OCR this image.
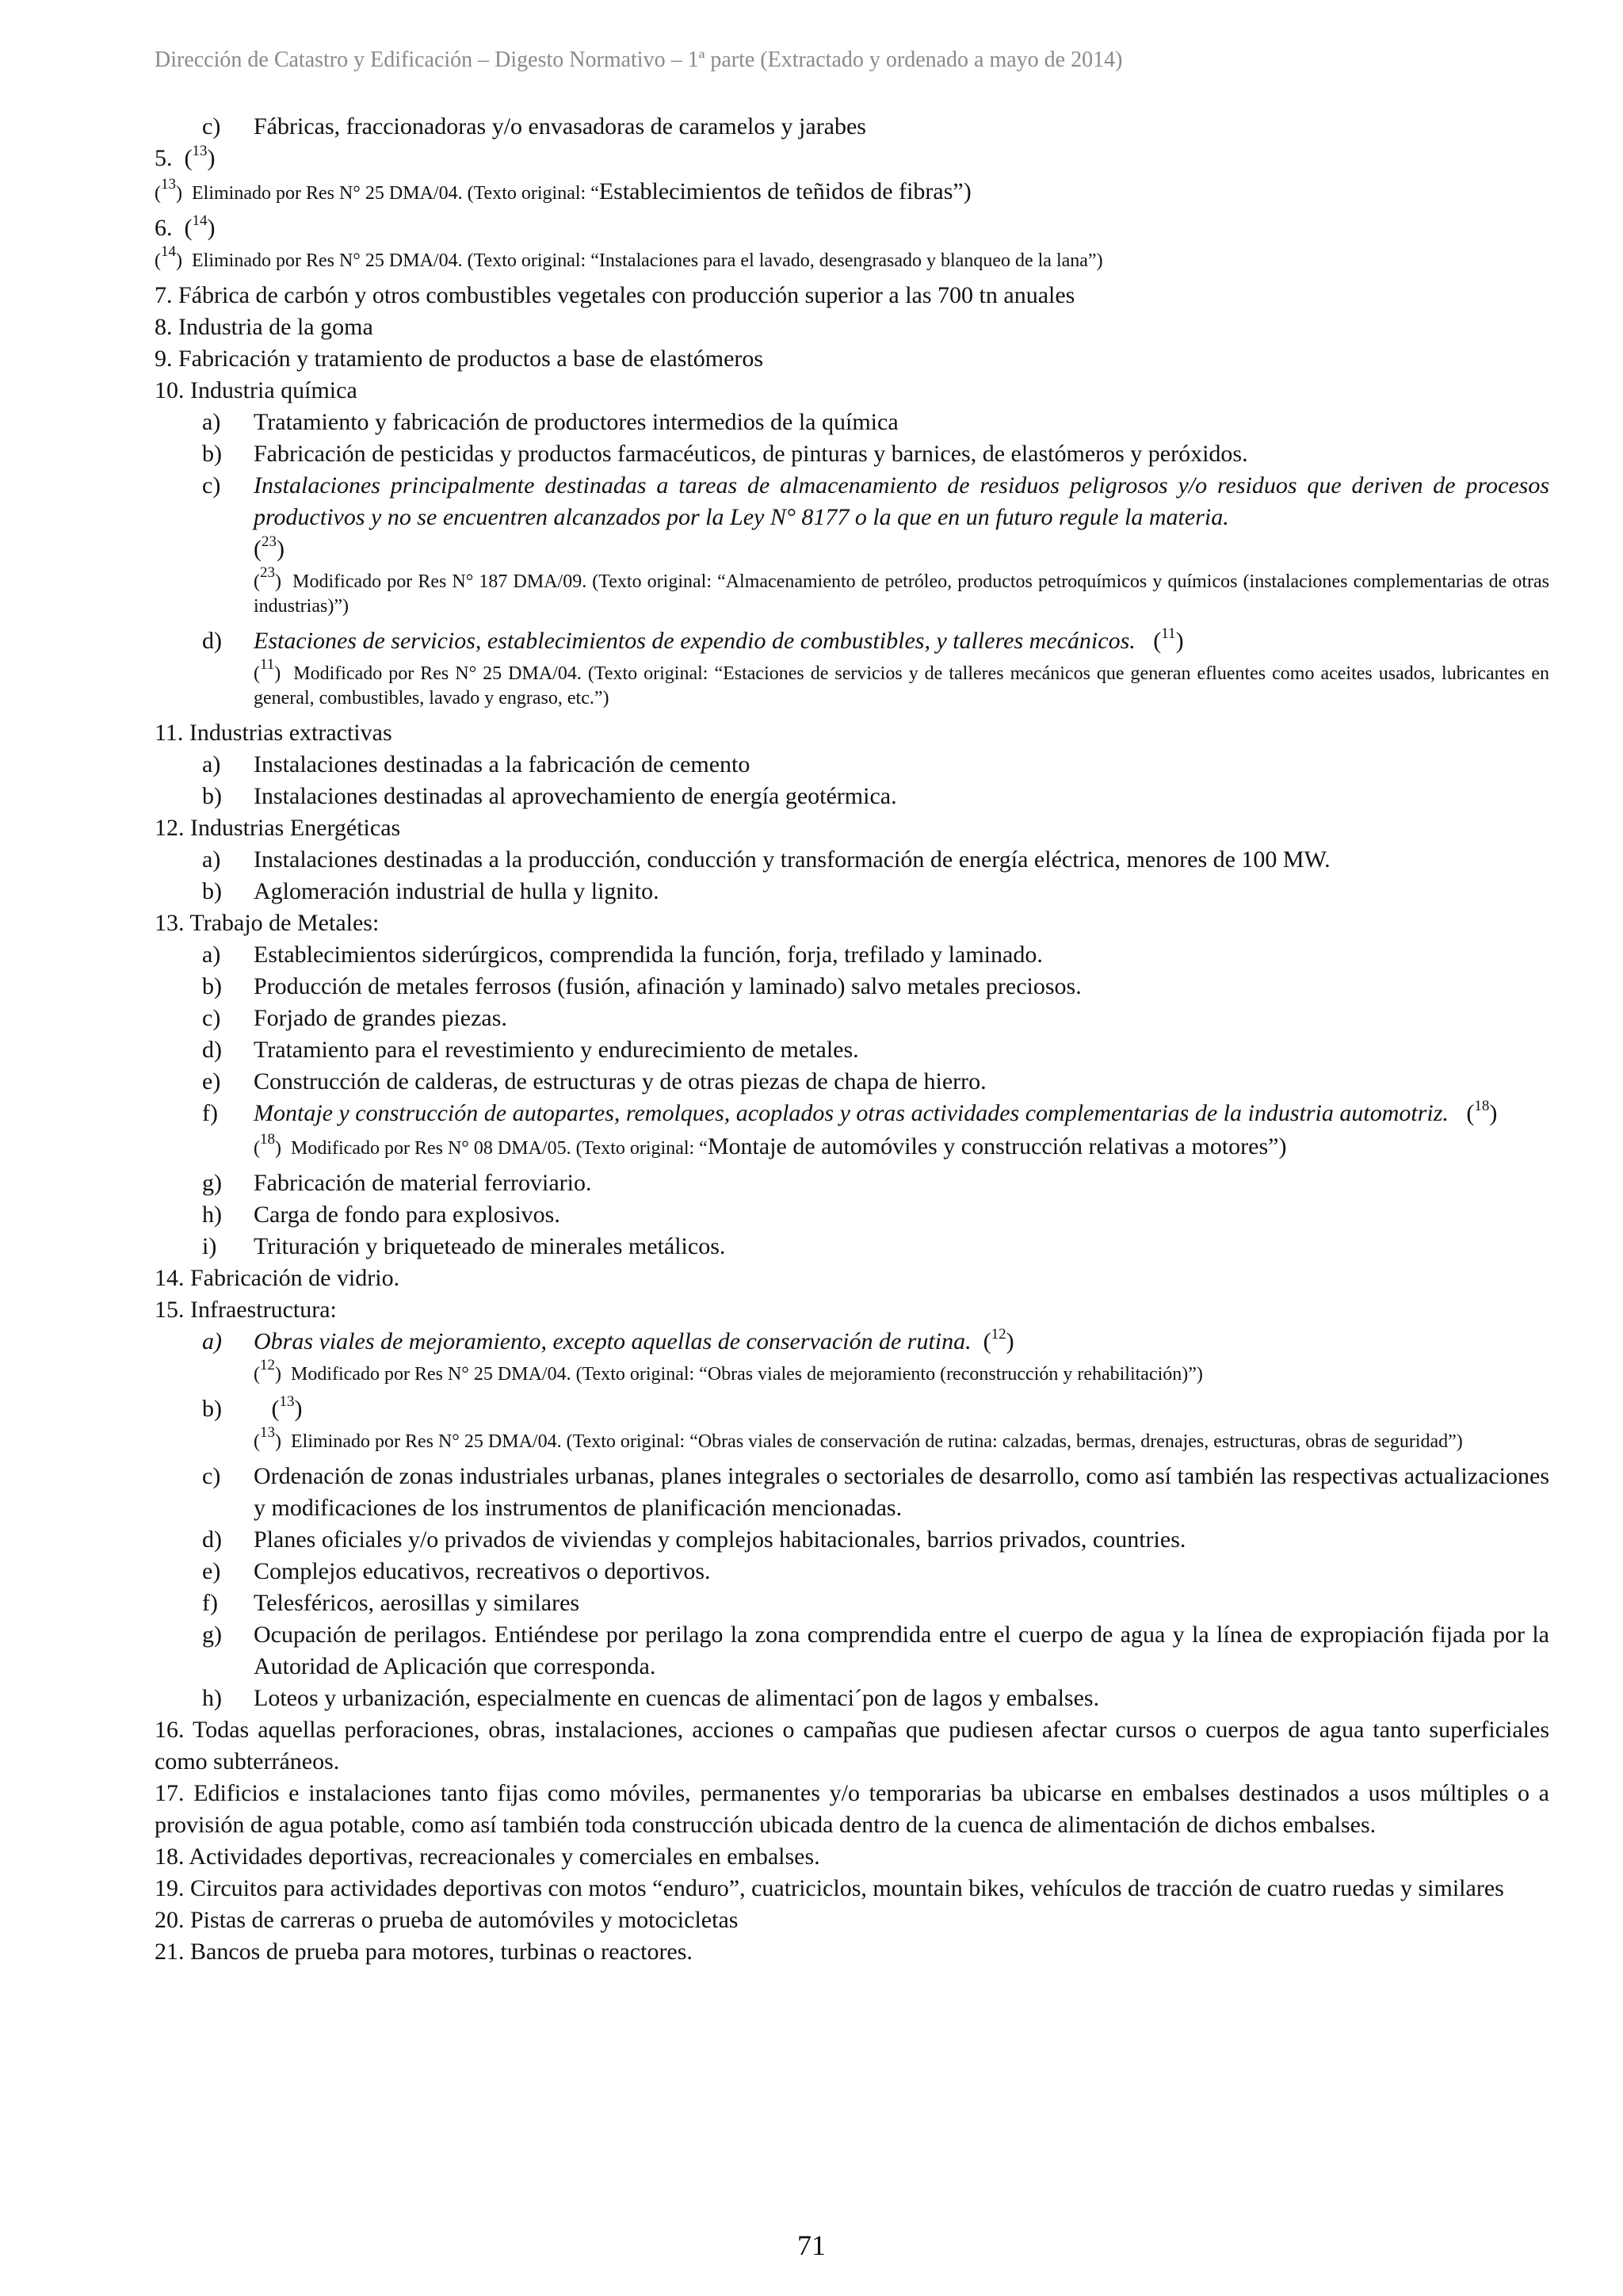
Dirección de Catastro y Edificación – Digesto Normativo – 1ª parte (Extractado y ordenado a mayo de 2014)
c) Fábricas, fraccionadoras y/o envasadoras de caramelos y jarabes
5.  ($^{13}$)
($^{13}$)  Eliminado por Res N° 25 DMA/04. (Texto original: “Establecimientos de teñidos de fibras”)
6.  ($^{14}$)
($^{14}$)  Eliminado por Res N° 25 DMA/04. (Texto original: “Instalaciones para el lavado, desengrasado y blanqueo de la lana”)
7. Fábrica de carbón y otros combustibles vegetales con producción superior a las 700 tn anuales
8. Industria de la goma
9. Fabricación y tratamiento de productos a base de elastómeros
10. Industria química
a) Tratamiento y fabricación de productores intermedios de la química
b) Fabricación de pesticidas y productos farmacéuticos, de pinturas y barnices, de elastómeros y peróxidos.
c) Instalaciones principalmente destinadas a tareas de almacenamiento de residuos peligrosos y/o residuos que deriven de procesos productivos y no se encuentren alcanzados por la Ley N° 8177 o la que en un futuro regule la materia.
($^{23}$)
($^{23}$)  Modificado por Res N° 187 DMA/09. (Texto original: “Almacenamiento de petróleo, productos petroquímicos y químicos (instalaciones complementarias de otras industrias)”)
d) Estaciones de servicios, establecimientos de expendio de combustibles, y talleres mecánicos.   ($^{11}$)
($^{11}$)  Modificado por Res N° 25 DMA/04. (Texto original: “Estaciones de servicios y de talleres mecánicos que generan efluentes como aceites usados, lubricantes en general, combustibles, lavado y engraso, etc.”)
11. Industrias extractivas
a) Instalaciones destinadas a la fabricación de cemento
b) Instalaciones destinadas al aprovechamiento de energía geotérmica.
12. Industrias Energéticas
a) Instalaciones destinadas a la producción, conducción y transformación de energía eléctrica, menores de 100 MW.
b) Aglomeración industrial de hulla y lignito.
13. Trabajo de Metales:
a) Establecimientos siderúrgicos, comprendida la función, forja, trefilado y laminado.
b) Producción de metales ferrosos (fusión, afinación y laminado) salvo metales preciosos.
c) Forjado de grandes piezas.
d) Tratamiento para el revestimiento y endurecimiento de metales.
e) Construcción de calderas, de estructuras y de otras piezas de chapa de hierro.
f) Montaje y construcción de autopartes, remolques, acoplados y otras actividades complementarias de la industria automotriz.   ($^{18}$)
($^{18}$)  Modificado por Res N° 08 DMA/05. (Texto original: “Montaje de automóviles y construcción relativas a motores”)
g) Fabricación de material ferroviario.
h) Carga de fondo para explosivos.
i) Trituración y briqueteado de minerales metálicos.
14. Fabricación de vidrio.
15. Infraestructura:
a) Obras viales de mejoramiento, excepto aquellas de conservación de rutina.  ($^{12}$)
($^{12}$)  Modificado por Res N° 25 DMA/04. (Texto original: “Obras viales de mejoramiento (reconstrucción y rehabilitación)”)
b) ($^{13}$)
($^{13}$)  Eliminado por Res N° 25 DMA/04. (Texto original: “Obras viales de conservación de rutina: calzadas, bermas, drenajes, estructuras, obras de seguridad”)
c) Ordenación de zonas industriales urbanas, planes integrales o sectoriales de desarrollo, como así también las respectivas actualizaciones y modificaciones de los instrumentos de planificación mencionadas.
d) Planes oficiales y/o privados de viviendas y complejos habitacionales, barrios privados, countries.
e) Complejos educativos, recreativos o deportivos.
f) Telesféricos, aerosillas y similares
g) Ocupación de perilagos. Entiéndese por perilago la zona comprendida entre el cuerpo de agua y la línea de expropiación fijada por la Autoridad de Aplicación que corresponda.
h) Loteos y urbanización, especialmente en cuencas de alimentaci´pon de lagos y embalses.
16. Todas aquellas perforaciones, obras, instalaciones, acciones o campañas que pudiesen afectar cursos o cuerpos de agua tanto superficiales como subterráneos.
17. Edificios e instalaciones tanto fijas como móviles, permanentes y/o temporarias ba ubicarse en embalses destinados a usos múltiples o a provisión de agua potable, como así también toda construcción ubicada dentro de la cuenca de alimentación de dichos embalses.
18. Actividades deportivas, recreacionales y comerciales en embalses.
19. Circuitos para actividades deportivas con motos “enduro”, cuatriciclos, mountain bikes, vehículos de tracción de cuatro ruedas y similares
20. Pistas de carreras o prueba de automóviles y motocicletas
21. Bancos de prueba para motores, turbinas o reactores.
71
